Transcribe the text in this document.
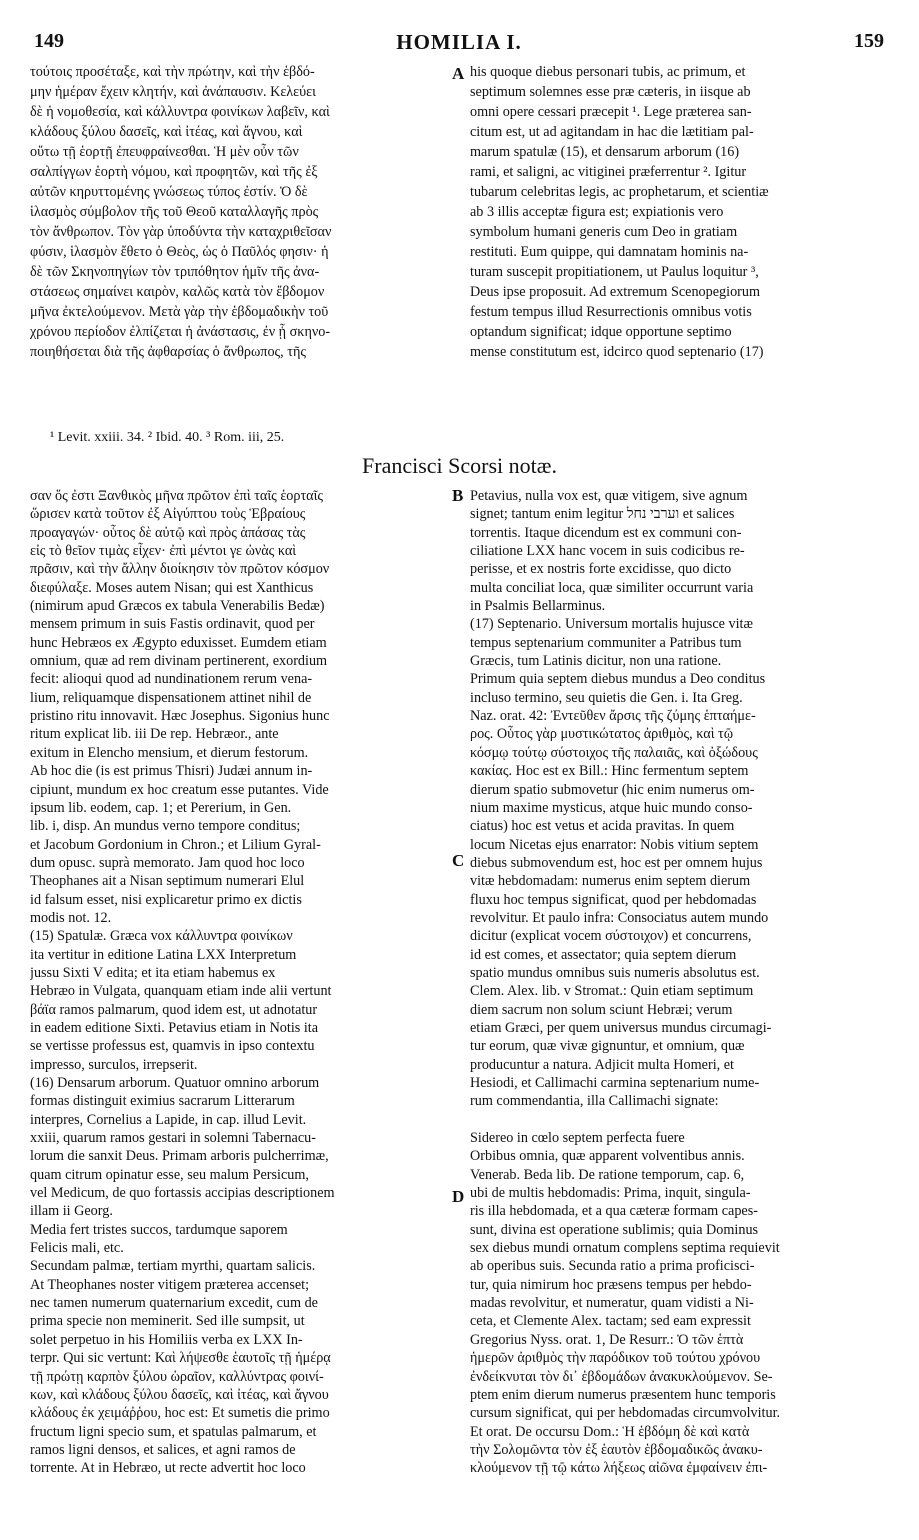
149	HOMILIA I.	159
A
B
C
D

τούτοις προσέταξε, καὶ τὴν πρώτην, καὶ τὴν ἑβδό-

μην ἡμέραν ἔχειν κλητήν, καὶ ἀνάπαυσιν. Κελεύει

δὲ ἡ νομοθεσία, καὶ κάλλυντρα φοινίκων λαβεῖν, καὶ

κλάδους ξύλου δασεῖς, καὶ ἰτέας, καὶ ἄγνου, καὶ

οὕτω τῇ ἑορτῇ ἐπευφραίνεσθαι. Ἡ μὲν οὖν τῶν

σαλπίγγων ἑορτὴ νόμου, καὶ προφητῶν, καὶ τῆς ἐξ

αὐτῶν κηρυττομένης γνώσεως τύπος ἐστίν. Ὁ δὲ

ἱλασμὸς σύμβολον τῆς τοῦ Θεοῦ καταλλαγῆς πρὸς

τὸν ἄνθρωπον. Τὸν γὰρ ὑποδύντα τὴν καταχριθεῖσαν

φύσιν, ἱλασμὸν ἔθετο ὁ Θεὸς, ὡς ὁ Παῦλός φησιν· ἡ

δὲ τῶν Σκηνοπηγίων τὸν τριπόθητον ἡμῖν τῆς ἀνα-

στάσεως σημαίνει καιρὸν, καλῶς κατὰ τὸν ἕβδομον

μῆνα ἐκτελούμενον. Μετὰ γὰρ τὴν ἑβδομαδικὴν τοῦ

χρόνου περίοδον ἐλπίζεται ἡ ἀνάστασις, ἐν ᾗ σκηνο-

ποιηθήσεται διὰ τῆς ἀφθαρσίας ὁ ἄνθρωπος, τῆς

his quoque diebus personari tubis, ac primum, et

septimum solemnes esse præ cæteris, in iisque ab

omni opere cessari præcepit ¹. Lege præterea san-

citum est, ut ad agitandam in hac die lætitiam pal-

marum spatulæ (15), et densarum arborum (16)

rami, et saligni, ac vitiginei præferrentur ². Igitur

tubarum celebritas legis, ac prophetarum, et scientiæ

ab 3 illis acceptæ figura est; expiationis vero

symbolum humani generis cum Deo in gratiam

restituti. Eum quippe, qui damnatam hominis na-

turam suscepit propitiationem, ut Paulus loquitur ³,

Deus ipse proposuit. Ad extremum Scenopegiorum

festum tempus illud Resurrectionis omnibus votis

optandum significat; idque opportune septimo

mense constitutum est, idcirco quod septenario (17)

¹ Levit. xxiii. 34. ² Ibid. 40. ³ Rom. iii, 25.
Francisci Scorsi notæ.

σαν ὅς ἐστι Ξανθικὸς μῆνα πρῶτον ἐπὶ ταῖς ἑορταῖς

ὥρισεν κατὰ τοῦτον ἐξ Αἰγύπτου τοὺς Ἑβραίους

προαγαγών· οὗτος δὲ αὐτῷ καὶ πρὸς ἁπάσας τὰς

εἰς τὸ θεῖον τιμὰς εἶχεν· ἐπὶ μέντοι γε ὠνὰς καὶ

πρᾶσιν, καὶ τὴν ἄλλην διοίκησιν τὸν πρῶτον κόσμον

διεφύλαξε. Moses autem Nisan; qui est Xanthicus

(nimirum apud Græcos ex tabula Venerabilis Bedæ)

mensem primum in suis Fastis ordinavit, quod per

hunc Hebræos ex Ægypto eduxisset. Eumdem etiam

omnium, quæ ad rem divinam pertinerent, exordium

fecit: alioqui quod ad nundinationem rerum vena-

lium, reliquamque dispensationem attinet nihil de

pristino ritu innovavit. Hæc Josephus. Sigonius hunc

ritum explicat lib. iii De rep. Hebræor., ante

exitum in Elencho mensium, et dierum festorum.

Ab hoc die (is est primus Thisri) Judæi annum in-

cipiunt, mundum ex hoc creatum esse putantes. Vide

ipsum lib. eodem, cap. 1; et Pererium, in Gen.

lib. i, disp. An mundus verno tempore conditus;

et Jacobum Gordonium in Chron.; et Lilium Gyral-

dum opusc. suprà memorato. Jam quod hoc loco

Theophanes ait a Nisan septimum numerari Elul

id falsum esset, nisi explicaretur primo ex dictis

modis not. 12.

(15) Spatulæ. Græca vox κάλλυντρα φοινίκων

ita vertitur in editione Latina LXX Interpretum

jussu Sixti V edita; et ita etiam habemus ex

Hebræo in Vulgata, quanquam etiam inde alii vertunt

βάϊα ramos palmarum, quod idem est, ut adnotatur

in eadem editione Sixti. Petavius etiam in Notis ita

se vertisse professus est, quamvis in ipso contextu

impresso, surculos, irrepserit.

(16) Densarum arborum. Quatuor omnino arborum

formas distinguit eximius sacrarum Litterarum

interpres, Cornelius a Lapide, in cap. illud Levit.

xxiii, quarum ramos gestari in solemni Tabernacu-

lorum die sanxit Deus. Primam arboris pulcherrimæ,

quam citrum opinatur esse, seu malum Persicum,

vel Medicum, de quo fortassis accipias descriptionem

illam ii Georg.

Media fert tristes succos, tardumque saporem

Felicis mali, etc.

Secundam palmæ, tertiam myrthi, quartam salicis.

At Theophanes noster vitigem præterea accenset;

nec tamen numerum quaternarium excedit, cum de

prima specie non meminerit. Sed ille sumpsit, ut

solet perpetuo in his Homiliis verba ex LXX In-

terpr. Qui sic vertunt: Καὶ λήψεσθε ἑαυτοῖς τῇ ἡμέρᾳ

τῇ πρώτῃ καρπὸν ξύλου ὡραῖον, καλλύντρας φοινί-

κων, καὶ κλάδους ξύλου δασεῖς, καὶ ἰτέας, καὶ ἄγνου

κλάδους ἐκ χειμάῤῥου, hoc est: Et sumetis die primo

fructum ligni specio sum, et spatulas palmarum, et

ramos ligni densos, et salices, et agni ramos de

torrente. At in Hebræo, ut recte advertit hoc loco

Petavius, nulla vox est, quæ vitigem, sive agnum

signet; tantum enim legitur וערבי נחל et salices

torrentis. Itaque dicendum est ex communi con-

ciliatione LXX hanc vocem in suis codicibus re-

perisse, et ex nostris forte excidisse, quo dicto

multa conciliat loca, quæ similiter occurrunt varia

in Psalmis Bellarminus.

(17) Septenario. Universum mortalis hujusce vitæ

tempus septenarium communiter a Patribus tum

Græcis, tum Latinis dicitur, non una ratione.

Primum quia septem diebus mundus a Deo conditus

incluso termino, seu quietis die Gen. i. Ita Greg.

Naz. orat. 42: Ἐντεῦθεν ἄρσις τῆς ζύμης ἑπταήμε-

ρος. Οὗτος γὰρ μυστικώτατος ἀριθμὸς, καὶ τῷ

κόσμῳ τούτῳ σύστοιχος τῆς παλαιᾶς, καὶ ὀξώδους

κακίας. Hoc est ex Bill.: Hinc fermentum septem

dierum spatio submovetur (hic enim numerus om-

nium maxime mysticus, atque huic mundo conso-

ciatus) hoc est vetus et acida pravitas. In quem

locum Nicetas ejus enarrator: Nobis vitium septem

diebus submovendum est, hoc est per omnem hujus

vitæ hebdomadam: numerus enim septem dierum

fluxu hoc tempus significat, quod per hebdomadas

revolvitur. Et paulo infra: Consociatus autem mundo

dicitur (explicat vocem σύστοιχον) et concurrens,

id est comes, et assectator; quia septem dierum

spatio mundus omnibus suis numeris absolutus est.

Clem. Alex. lib. v Stromat.: Quin etiam septimum

diem sacrum non solum sciunt Hebræi; verum

etiam Græci, per quem universus mundus circumagi-

tur eorum, quæ vivæ gignuntur, et omnium, quæ

producuntur a natura. Adjicit multa Homeri, et

Hesiodi, et Callimachi carmina septenarium nume-

rum commendantia, illa Callimachi signate:

Sidereo in cœlo septem perfecta fuere

Orbibus omnia, quæ apparent volventibus annis.

Venerab. Beda lib. De ratione temporum, cap. 6,

ubi de multis hebdomadis: Prima, inquit, singula-

ris illa hebdomada, et a qua cæteræ formam capes-

sunt, divina est operatione sublimis; quia Dominus

sex diebus mundi ornatum complens septima requievit

ab operibus suis. Secunda ratio a prima proficisci-

tur, quia nimirum hoc præsens tempus per hebdo-

madas revolvitur, et numeratur, quam vidisti a Ni-

ceta, et Clemente Alex. tactam; sed eam expressit

Gregorius Nyss. orat. 1, De Resurr.: Ὁ τῶν ἑπτὰ

ἡμερῶν ἀριθμὸς τὴν παρόδικον τοῦ τούτου χρόνου

ἐνδείκνυται τὸν δι᾽ ἑβδομάδων ἀνακυκλούμενον. Se-

ptem enim dierum numerus præsentem hunc temporis

cursum significat, qui per hebdomadas circumvolvitur.

Et orat. De occursu Dom.: Ἡ ἑβδόμη δὲ καὶ κατὰ

τὴν Σολομῶντα τὸν ἐξ ἑαυτὸν ἑβδομαδικῶς ἀνακυ-

κλούμενον τῇ τῷ κάτω λήξεως αἰῶνα ἐμφαίνειν ἐπι-
